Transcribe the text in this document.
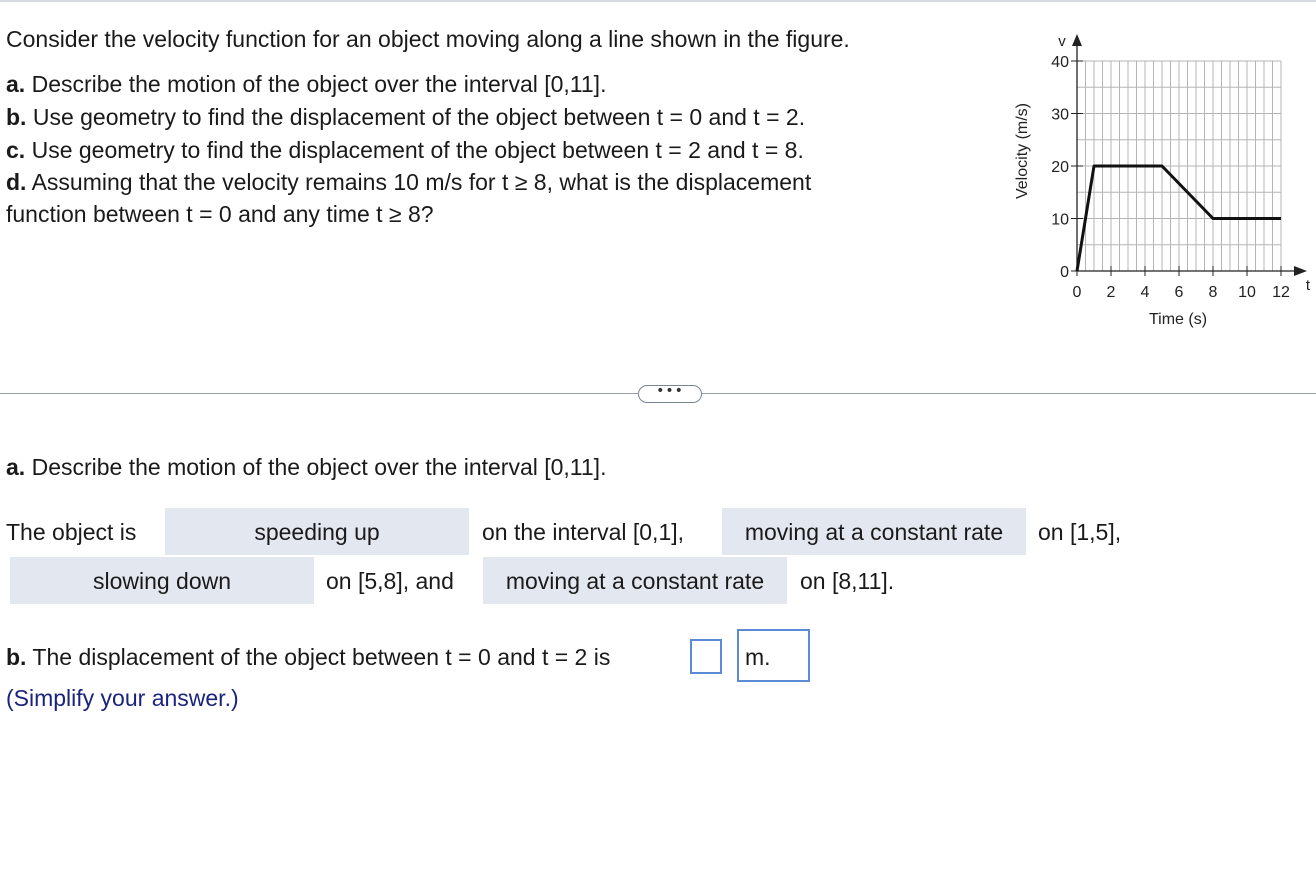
Consider the velocity function for an object moving along a line shown in the figure.
a. Describe the motion of the object over the interval [0,11].
b. Use geometry to find the displacement of the object between t = 0 and t = 2.
c. Use geometry to find the displacement of the object between t = 2 and t = 8.
d. Assuming that the velocity remains 10 m/s for t ≥ 8, what is the displacement
function between t = 0 and any time t ≥ 8?
0
10
20
30
40
0 2 4 6 8 10 12
Velocity (m/s)
Time (s)
v
t
•••
a. Describe the motion of the object over the interval [0,11].
The object is	speeding up	on the interval [0,1],	moving at a constant rate	on [1,5],
slowing down	on [5,8], and	moving at a constant rate	on [8,11].
b. The displacement of the object between t = 0 and t = 2 is	m.
(Simplify your answer.)
